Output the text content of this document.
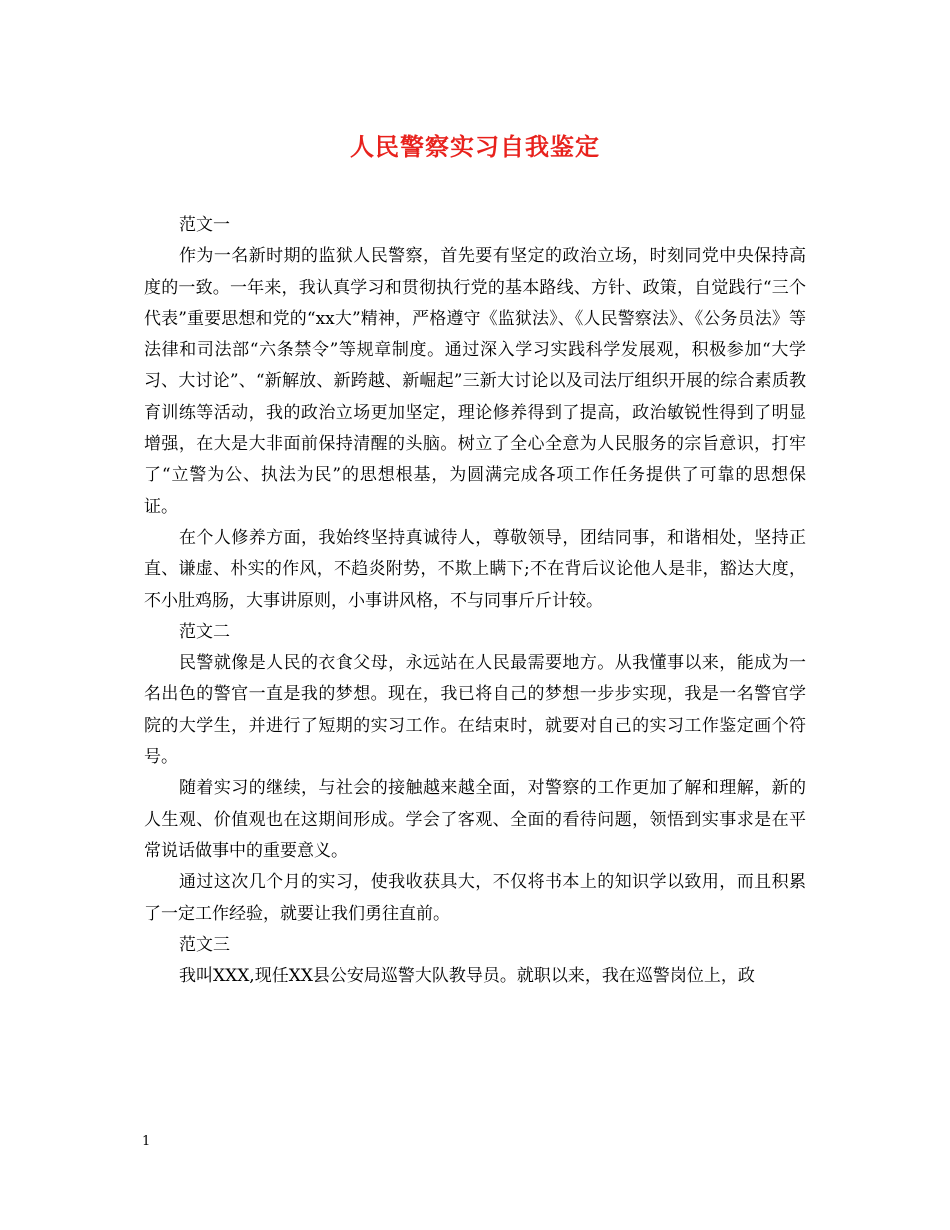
人民警察实习自我鉴定

范文一

作为一名新时期的监狱人民警察，首先要有坚定的政治立场，时刻同党中央保持高度的一致。一年来，我认真学习和贯彻执行党的基本路线、方针、政策，自觉践行“三个代表”重要思想和党的“xx大”精神，严格遵守《监狱法》、《人民警察法》、《公务员法》等法律和司法部“六条禁令”等规章制度。通过深入学习实践科学发展观，积极参加“大学习、大讨论”、“新解放、新跨越、新崛起”三新大讨论以及司法厅组织开展的综合素质教育训练等活动，我的政治立场更加坚定，理论修养得到了提高，政治敏锐性得到了明显增强，在大是大非面前保持清醒的头脑。树立了全心全意为人民服务的宗旨意识，打牢了“立警为公、执法为民”的思想根基，为圆满完成各项工作任务提供了可靠的思想保证。

在个人修养方面，我始终坚持真诚待人，尊敬领导，团结同事，和谐相处，坚持正直、谦虚、朴实的作风，不趋炎附势，不欺上瞒下;不在背后议论他人是非，豁达大度，不小肚鸡肠，大事讲原则，小事讲风格，不与同事斤斤计较。

范文二

民警就像是人民的衣食父母，永远站在人民最需要地方。从我懂事以来，能成为一名出色的警官一直是我的梦想。现在，我已将自己的梦想一步步实现，我是一名警官学院的大学生，并进行了短期的实习工作。在结束时，就要对自己的实习工作鉴定画个符号。

随着实习的继续，与社会的接触越来越全面，对警察的工作更加了解和理解，新的人生观、价值观也在这期间形成。学会了客观、全面的看待问题，领悟到实事求是在平常说话做事中的重要意义。

通过这次几个月的实习，使我收获具大，不仅将书本上的知识学以致用，而且积累了一定工作经验，就要让我们勇往直前。

范文三

我叫XXX,现任XX县公安局巡警大队教导员。就职以来，我在巡警岗位上，政

1
